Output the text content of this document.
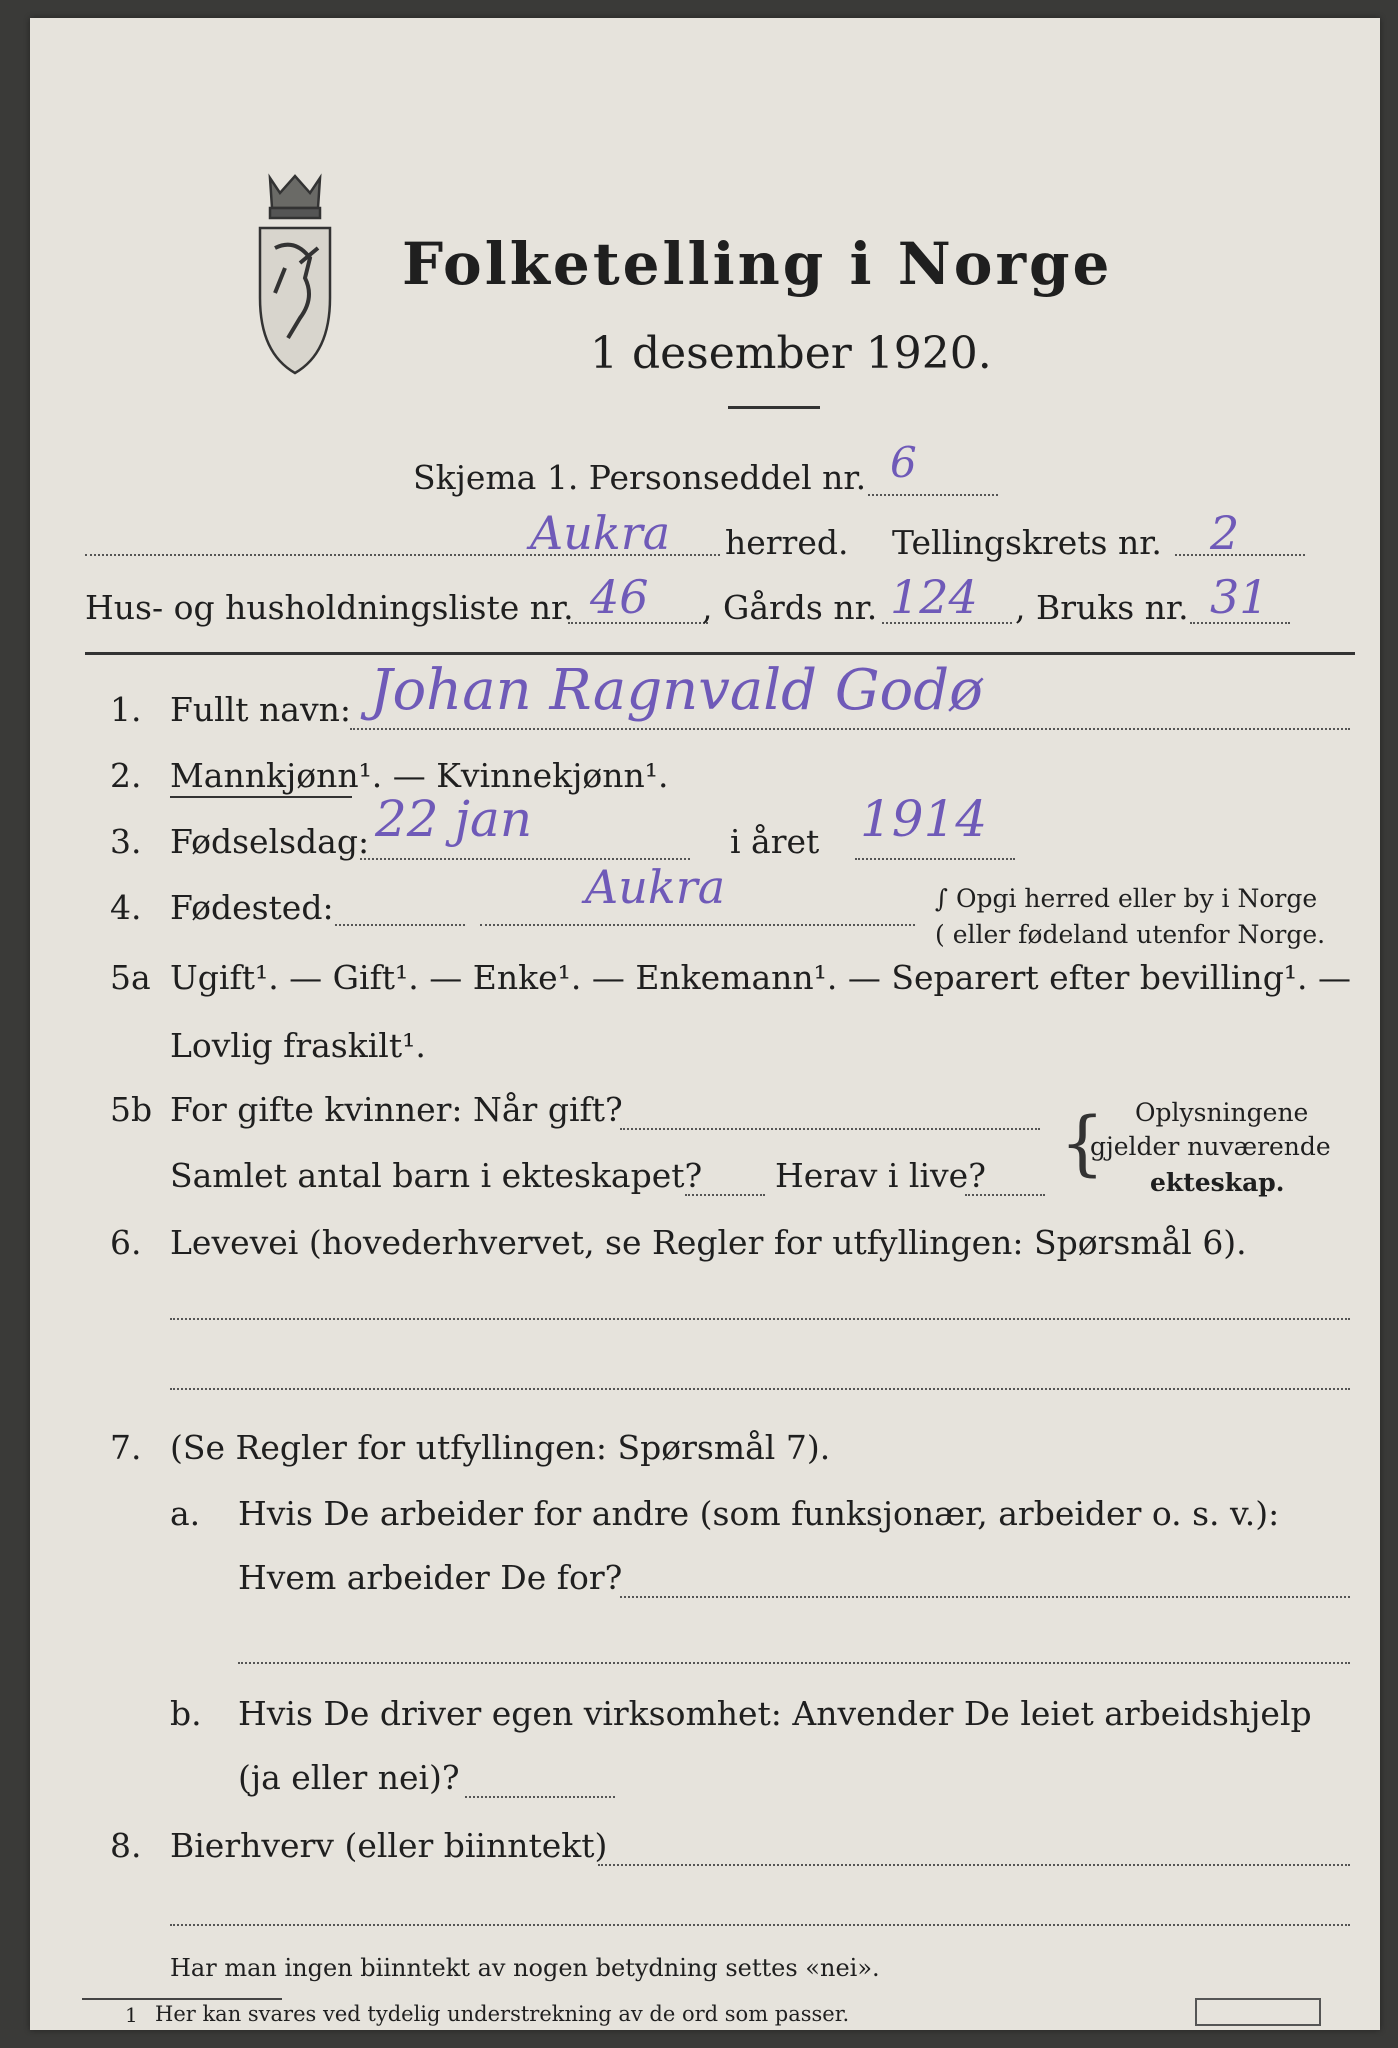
Folketelling i Norge
1 desember 1920.
Skjema 1. Personseddel nr. 6
Aukra herred. Tellingskrets nr. 2
Hus- og husholdningsliste nr. 46 , Gårds nr. 124 , Bruks nr. 31
1. Fullt navn: Johan Ragnvald Godø
2. Mannkjønn¹. — Kvinnekjønn¹.
3. Fødselsdag: 22 jan	i året 1914
4. Fødested:	Aukra	∫ Opgi herred eller by i Norge
( eller fødeland utenfor Norge.
5a Ugift¹. — Gift¹. — Enke¹. — Enkemann¹. — Separert efter bevilling¹. —
Lovlig fraskilt¹.
5b For gifte kvinner: Når gift?
Samlet antal barn i ekteskapet? Herav i live? { Oplysningene
gjelder nuværende
ekteskap.
6. Levevei (hovederhvervet, se Regler for utfyllingen: Spørsmål 6).
7. (Se Regler for utfyllingen: Spørsmål 7).
a. Hvis De arbeider for andre (som funksjonær, arbeider o. s. v.):
Hvem arbeider De for?
b. Hvis De driver egen virksomhet: Anvender De leiet arbeidshjelp
(ja eller nei)?
8. Bierhverv (eller biinntekt)
Har man ingen biinntekt av nogen betydning settes «nei».
1 Her kan svares ved tydelig understrekning av de ord som passer.
